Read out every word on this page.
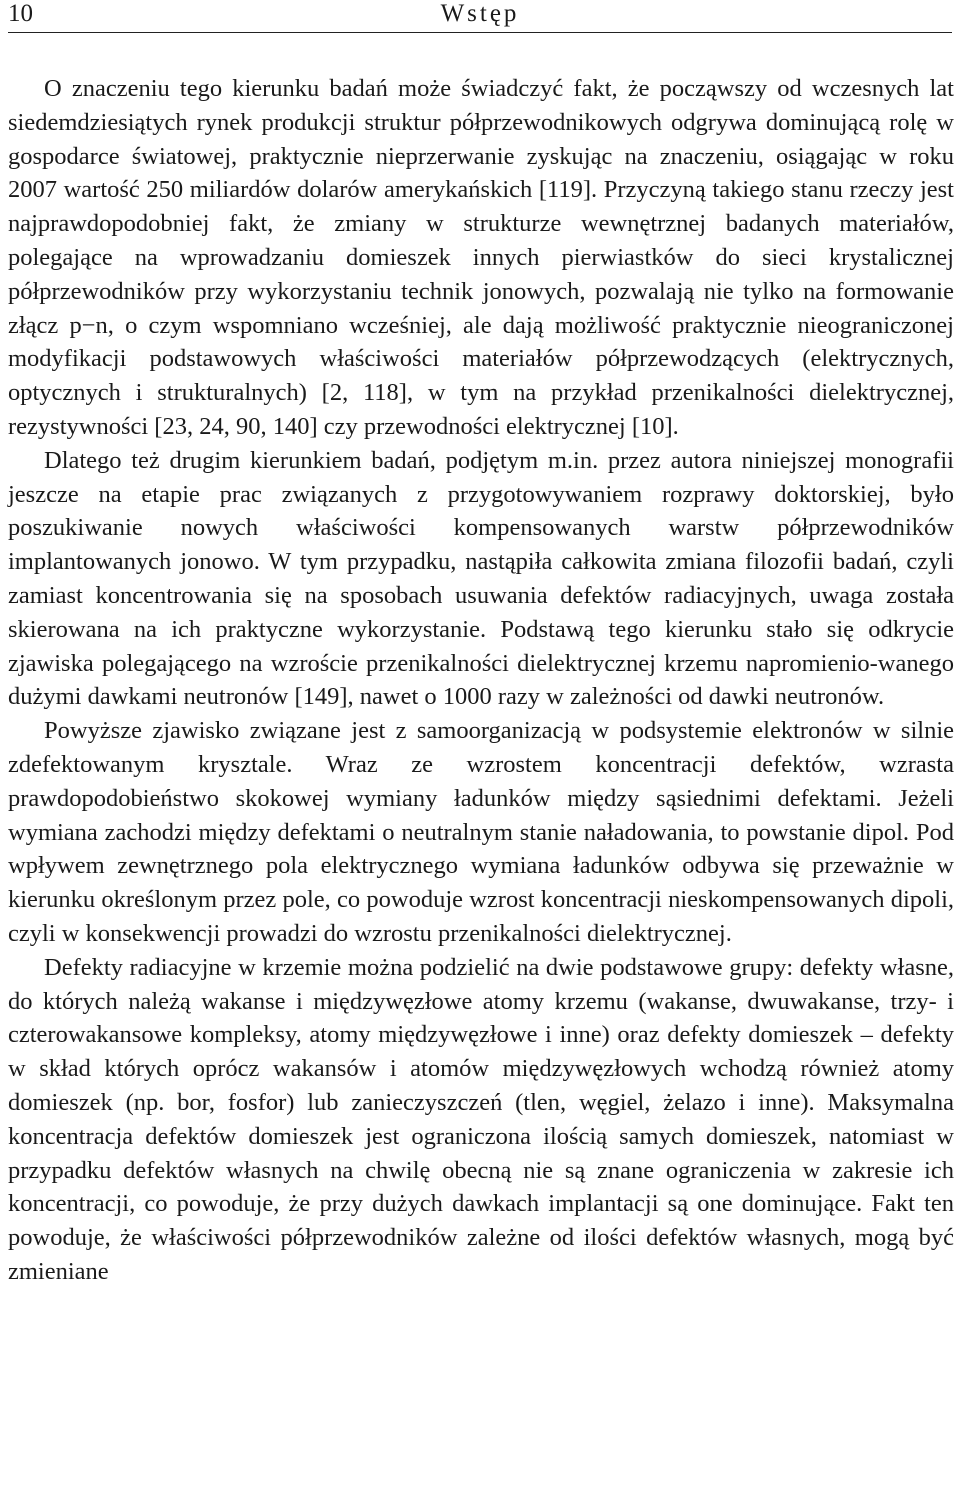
10	Wstęp

O znaczeniu tego kierunku badań może świadczyć fakt, że począwszy od wczesnych lat siedemdziesiątych rynek produkcji struktur półprzewodnikowych odgrywa dominującą rolę w gospodarce światowej, praktycznie nieprzerwanie zyskując na znaczeniu, osiągając w roku 2007 wartość 250 miliardów dolarów amerykańskich [119]. Przyczyną takiego stanu rzeczy jest najprawdopodobniej fakt, że zmiany w strukturze wewnętrznej badanych materiałów, polegające na wprowadzaniu domieszek innych pierwiastków do sieci krystalicznej półprzewodników przy wykorzystaniu technik jonowych, pozwalają nie tylko na formowanie złącz p−n, o czym wspomniano wcześniej, ale dają możliwość praktycznie nieograniczonej modyfikacji podstawowych właściwości materiałów półprzewodzących (elektrycznych, optycznych i strukturalnych) [2, 118], w tym na przykład przenikalności dielektrycznej, rezystywności [23, 24, 90, 140] czy przewodności elektrycznej [10].

Dlatego też drugim kierunkiem badań, podjętym m.in. przez autora niniejszej monografii jeszcze na etapie prac związanych z przygotowywaniem rozprawy doktorskiej, było poszukiwanie nowych właściwości kompensowanych warstw półprzewodników implantowanych jonowo. W tym przypadku, nastąpiła całkowita zmiana filozofii badań, czyli zamiast koncentrowania się na sposobach usuwania defektów radiacyjnych, uwaga została skierowana na ich praktyczne wykorzystanie. Podstawą tego kierunku stało się odkrycie zjawiska polegającego na wzroście przenikalności dielektrycznej krzemu napromienio-wanego dużymi dawkami neutronów [149], nawet o 1000 razy w zależności od dawki neutronów.

Powyższe zjawisko związane jest z samoorganizacją w podsystemie elektronów w silnie zdefektowanym krysztale. Wraz ze wzrostem koncentracji defektów, wzrasta prawdopodobieństwo skokowej wymiany ładunków między sąsiednimi defektami. Jeżeli wymiana zachodzi między defektami o neutralnym stanie naładowania, to powstanie dipol. Pod wpływem zewnętrznego pola elektrycznego wymiana ładunków odbywa się przeważnie w kierunku określonym przez pole, co powoduje wzrost koncentracji nieskompensowanych dipoli, czyli w konsekwencji prowadzi do wzrostu przenikalności dielektrycznej.

Defekty radiacyjne w krzemie można podzielić na dwie podstawowe grupy: defekty własne, do których należą wakanse i międzywęzłowe atomy krzemu (wakanse, dwuwakanse, trzy- i czterowakansowe kompleksy, atomy międzywęzłowe i inne) oraz defekty domieszek – defekty w skład których oprócz wakansów i atomów międzywęzłowych wchodzą również atomy domieszek (np. bor, fosfor) lub zanieczyszczeń (tlen, węgiel, żelazo i inne). Maksymalna koncentracja defektów domieszek jest ograniczona ilością samych domieszek, natomiast w przypadku defektów własnych na chwilę obecną nie są znane ograniczenia w zakresie ich koncentracji, co powoduje, że przy dużych dawkach implantacji są one dominujące. Fakt ten powoduje, że właściwości półprzewodników zależne od ilości defektów własnych, mogą być zmieniane
